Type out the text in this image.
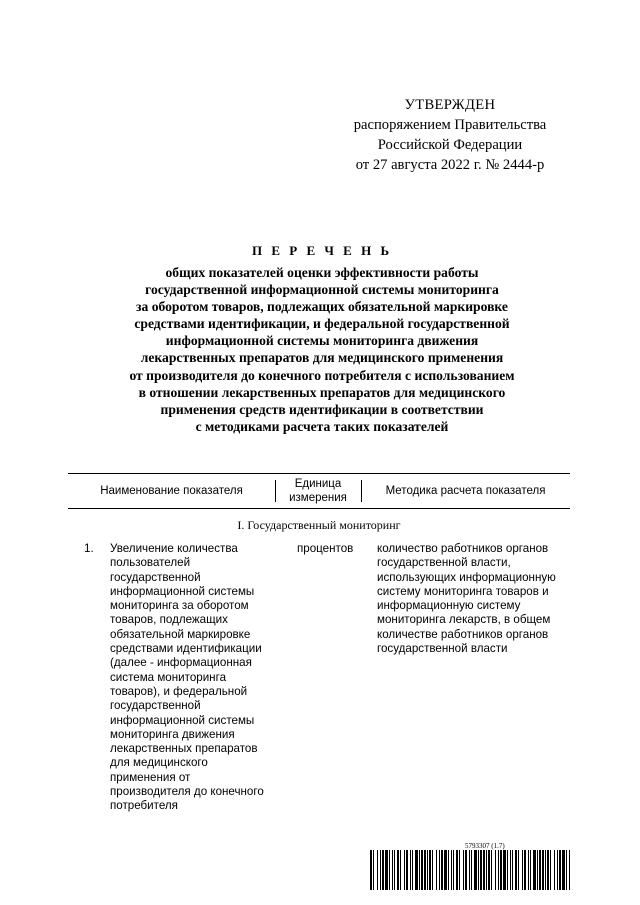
УТВЕРЖДЕН
распоряжением Правительства
Российской Федерации
от 27 августа 2022 г. № 2444-р
П Е Р Е Ч Е Н Ь
общих показателей оценки эффективности работы
государственной информационной системы мониторинга
за оборотом товаров, подлежащих обязательной маркировке
средствами идентификации, и федеральной государственной
информационной системы мониторинга движения
лекарственных препаратов для медицинского применения
от производителя до конечного потребителя с использованием
в отношении лекарственных препаратов для медицинского
применения средств идентификации в соответствии
с методиками расчета таких показателей
Наименование показателя
Единица
измерения
Методика расчета показателя
I. Государственный мониторинг
1. Увеличение количества
пользователей
государственной
информационной системы
мониторинга за оборотом
товаров, подлежащих
обязательной маркировке
средствами идентификации
(далее - информационная
система мониторинга
товаров), и федеральной
государственной
информационной системы
мониторинга движения
лекарственных препаратов
для медицинского
применения от
производителя до конечного
потребителя
процентов количество работников органов
государственной власти,
использующих информационную
систему мониторинга товаров и
информационную систему
мониторинга лекарств, в общем
количестве работников органов
государственной власти
5793307 (1.7)
